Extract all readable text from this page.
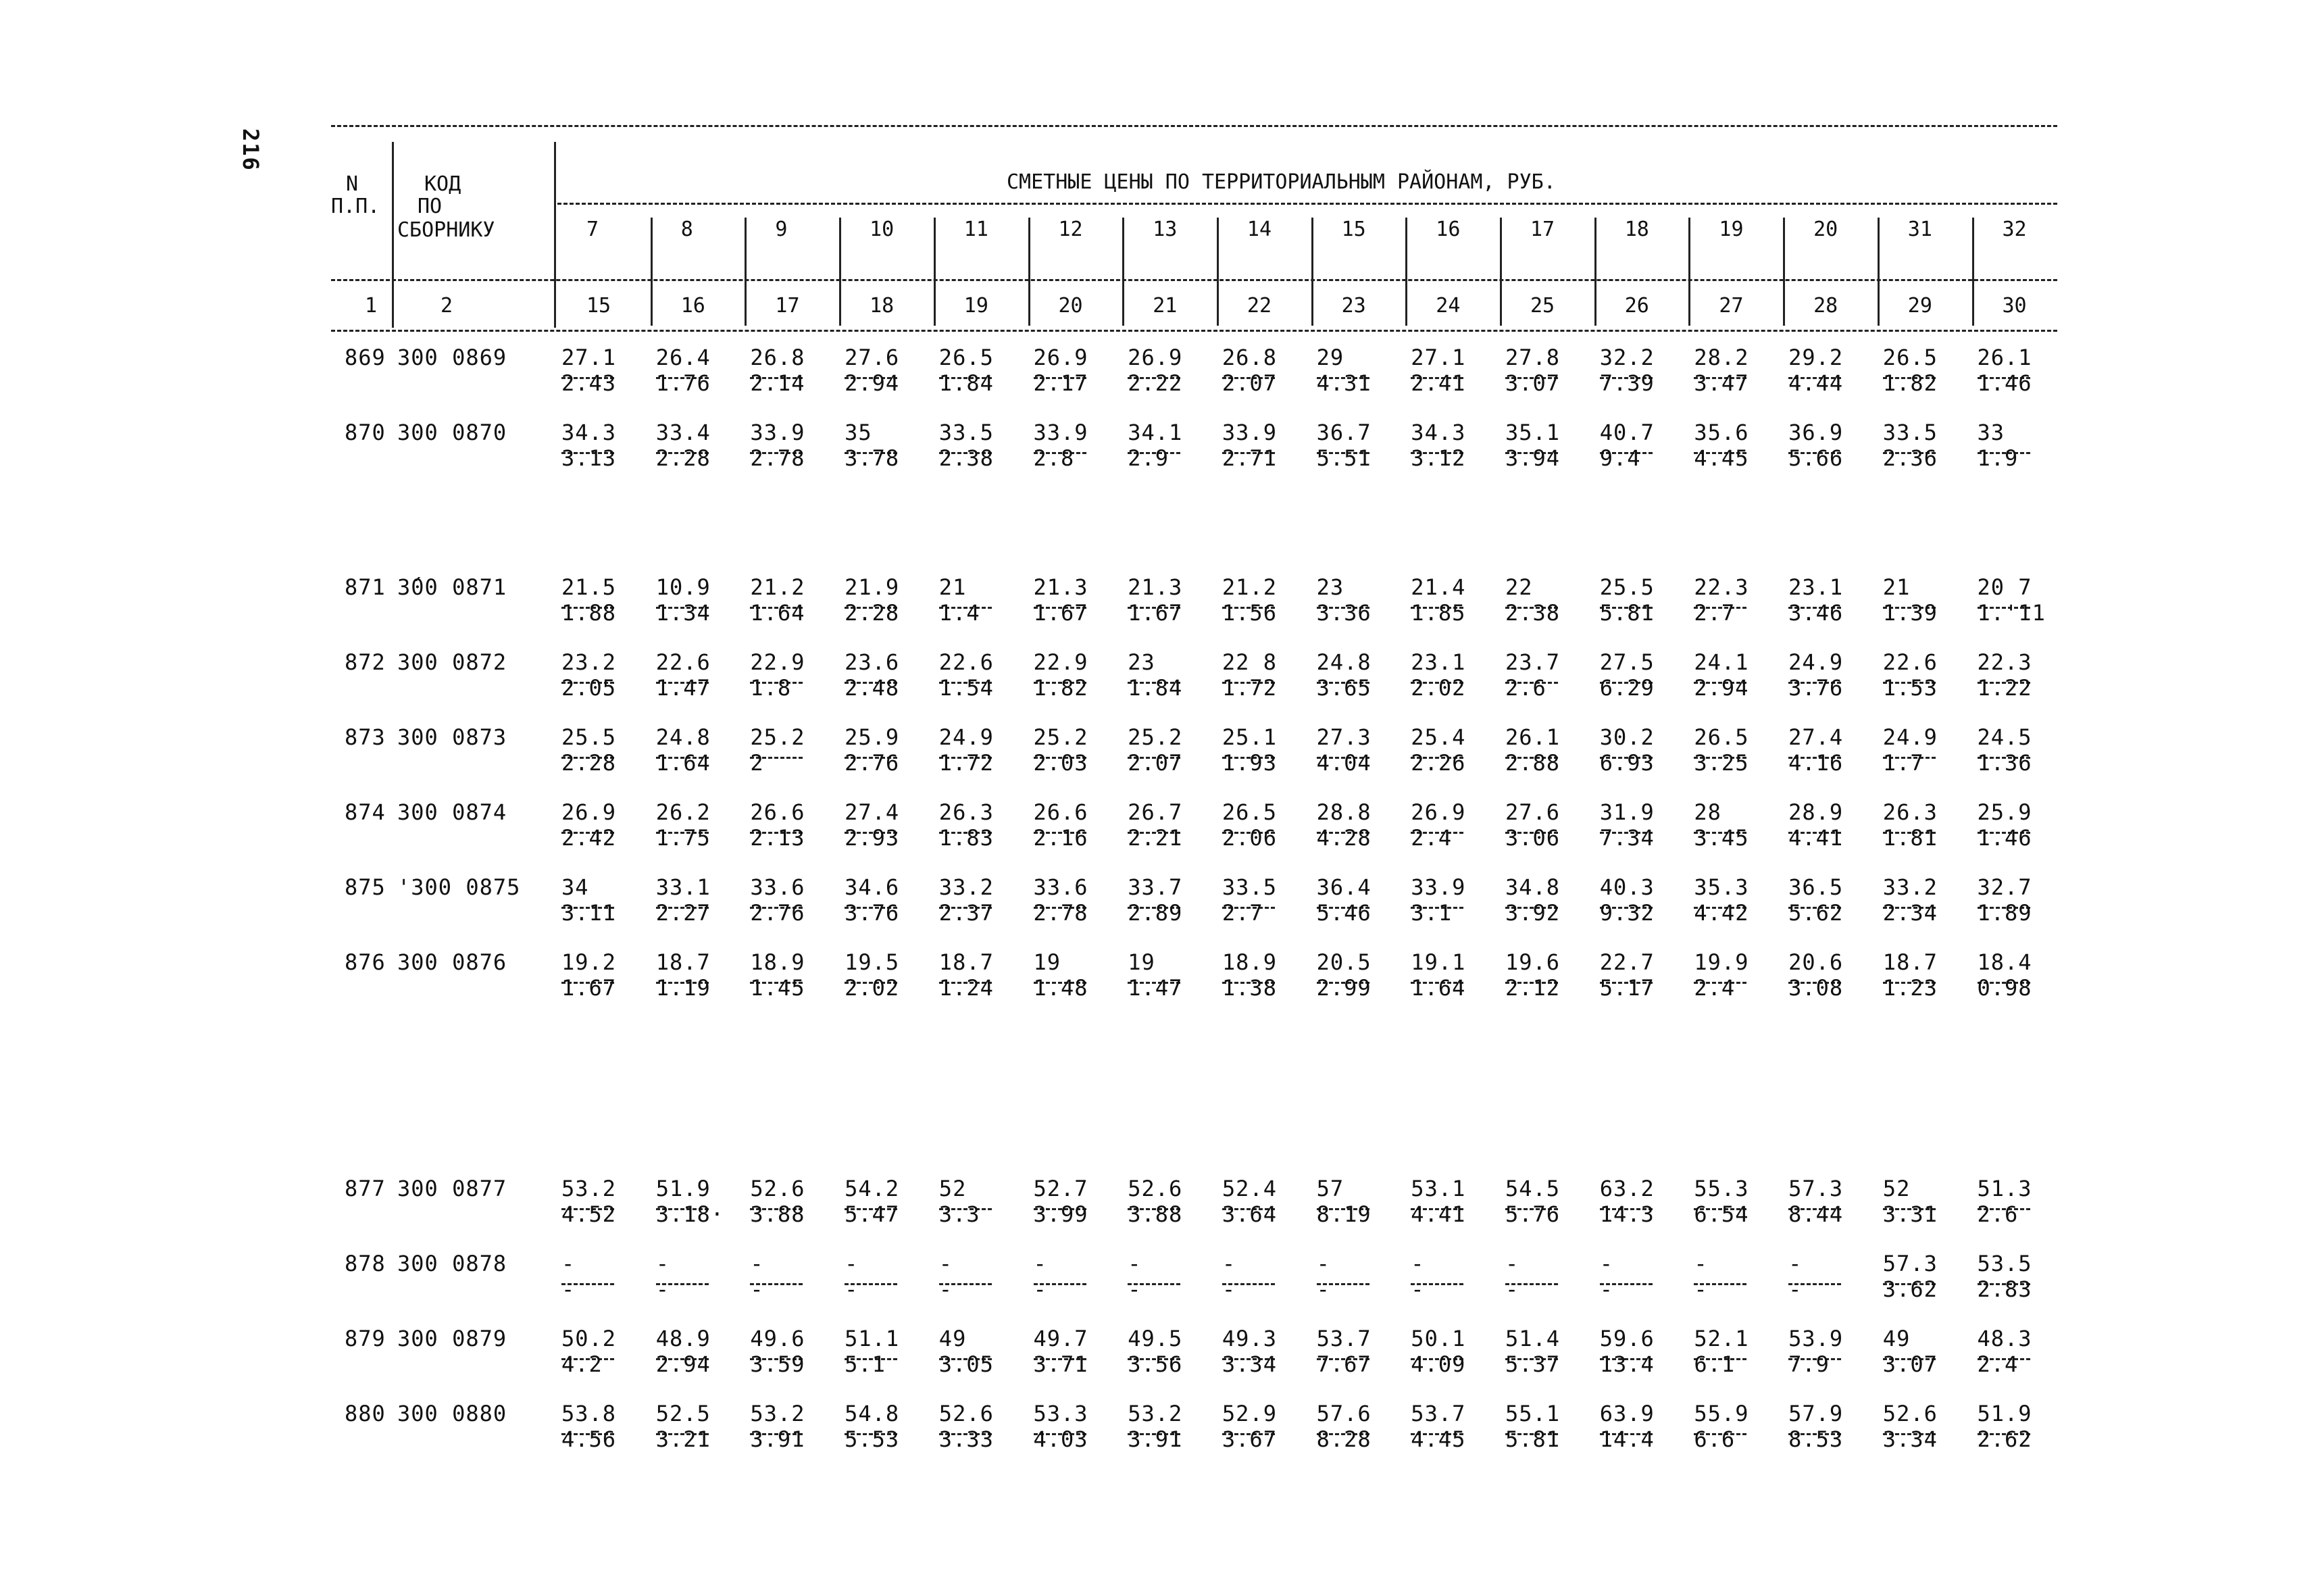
216
N
П.П.
КОД
ПО
СБОРНИКУ
СМЕТНЫЕ ЦЕНЫ ПО ТЕРРИТОРИАЛЬНЫМ РАЙОНАМ, РУБ.
1	2
7	8	9	10	11	12	13	14	15	16	17	18	19	20	31	32
15	16	17	18	19	20	21	22	23	24	25	26	27	28	29	30
869 300 0869	27.1 26.4 26.8 27.6 26.5 26.9 26.9 26.8 29	27.1 27.8 32.2 28.2 29.2 26.5 26.1
2.43 1.76 2.14 2.94 1.84 2.17 2.22 2.07 4.31 2.41 3.07 7.39 3.47 4.44 1.82 1.46
870 300 0870	34.3 33.4 33.9 35	33.5 33.9 34.1 33.9 36.7 34.3 35.1 40.7 35.6 36.9 33.5 33
3.13 2.28 2.78 3.78 2.38 2.8 2.9 2.71 5.51 3.12 3.94 9.4 4.45 5.66 2.36 1.9
871 3́00 0871	21.5 10.9 21.2 21.9 21	21.3 21.3 21.2 23	21.4 22	25.5 22.3 23.1 21	20 7
1.88 1.34 1.64 2.28 1.4 1.67 1.67 1.56 3.36 1.85 2.38 5.81 2.7 3.46 1.39 1.'11
872 300 0872	23.2 22.6 22.9 23.6 22.6 22.9 23	22 8 24.8 23.1 23.7 27.5 24.1 24.9 22.6 22.3
2.05 1.47 1.8 2.48 1.54 1.82 1.84 1.72 3.65 2.02 2.6 6.29 2.94 3.76 1.53 1.22
873 300 0873	25.5 24.8 25.2 25.9 24.9 25.2 25.2 25.1 27.3 25.4 26.1 30.2 26.5 27.4 24.9 24.5
2.28 1.64 2	2.76 1.72 2.03 2.07 1.93 4.04 2.26 2.88 6.93 3.25 4.16 1.7 1.36
874 300 0874	26.9 26.2 26.6 27.4 26.3 26.6 26.7 26.5 28.8 26.9 27.6 31.9 28	28.9 26.3 25.9
2.42 1.75 2.13 2.93 1.83 2.16 2.21 2.06 4.28 2.4 3.06 7.34 3.45 4.41 1.81 1.46
875 '300 0875 34	33.1 33.6 34.6 33.2 33.6 33.7 33.5 36.4 33.9 34.8 40.3 35.3 36.5 33.2 32.7
3.11 2.27 2.76 3.76 2.37 2.78 2.89 2.7 5.46 3.1 3.92 9.32 4.42 5.62 2.34 1.89
876 300 0876	19.2 18.7 18.9 19.5 18.7 19	19	18.9 20.5 19.1 19.6 22.7 19.9 20.6 18.7 18.4
1.67 1.19 1.45 2.02 1.24 1.48 1.47 1.38 2.99 1.64 2.12 5.17 2.4 3.08 1.23 0.98
877 300 0877	53.2 51.9 52.6 54.2 52	52.7 52.6 52.4 57	53.1 54.5 63.2 55.3 57.3 52	51.3
4.52 3.18· 3.88 5.47 3.3 3.99 3.88 3.64 8.19 4.41 5.76 14.3 6.54 8.44 3.31 2.6
878 300 0878	-	-	-	-	-	-	-	-	-	-	-	-	-	-	57.3 53.5
-	-	-	-	-	-	-	-	-	-	-	-	-	-	3.62 2.83
879 300 0879	50.2 48.9 49.6 51.1 49	49.7 49.5 49.3 53.7 50.1 51.4 59.6 52.1 53.9 49	48.3
4.2 2.94 3.59 5.1 3.05 3.71 3.56 3.34 7.67 4.09 5.37 13.4 6.1 7.9 3.07 2.4
880 300 0880	53.8 52.5 53.2 54.8 52.6 53.3 53.2 52.9 57.6 53.7 55.1 63.9 55.9 57.9 52.6 51.9
4.56 3.21 3.91 5.53 3.33 4.03 3.91 3.67 8.28 4.45 5.81 14.4 6.6 8.53 3.34 2.62
